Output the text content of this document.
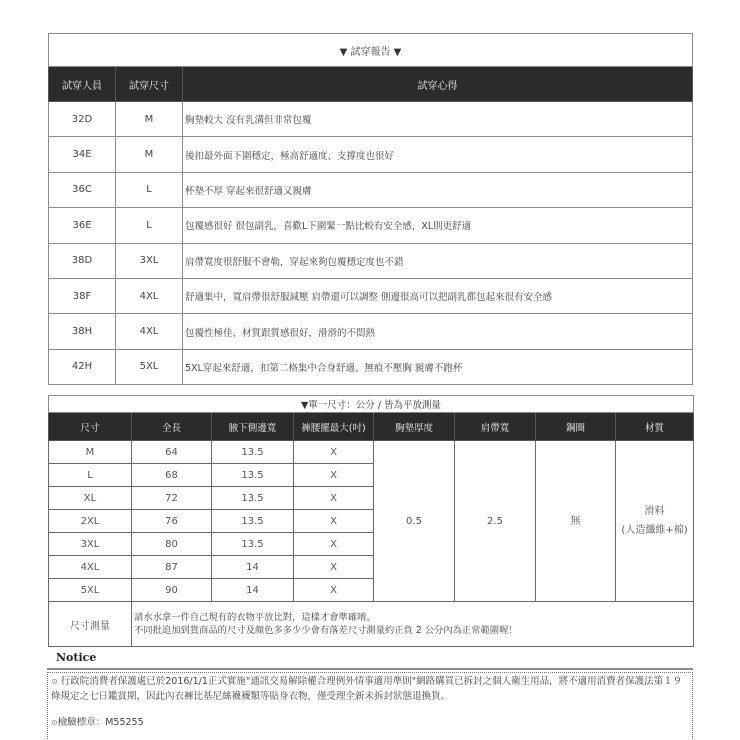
▼ 試穿報告 ▼		
試穿人員	試穿尺寸	試穿心得
32D	M	胸墊較大 沒有乳溝但非常包覆
34E	M	後扣最外面下圍穩定，極高舒適度、支撐度也很好
36C	L	杯墊不厚 穿起來很舒適又親膚
36E	L	包覆感很好 很包副乳，喜歡L下圍緊一點比較有安全感，XL則更舒適
38D	3XL	肩帶寬度很舒服不會勒，穿起來夠包覆穩定度也不錯
38F	4XL	舒適集中，寬肩帶很舒服減壓 肩帶還可以調整 側邊很高可以把副乳都包起來很有安全感
38H	4XL	包覆性極佳、材質跟質感很好，滑滑的不悶熱
42H	5XL	5XL穿起來舒適，扣第二格集中合身舒適、無痕不壓胸 親膚不跑杯
▼單一尺寸：公分 / 皆為平放測量							
尺寸	全長	腋下側邊寬	褲腰擺最大(吋)	胸墊厚度	肩帶寬	鋼圈	材質
M	64	13.5	X	0.5	2.5	無	滑料
(人造纖維+棉)

L	68	13.5	X				
XL	72	13.5	X				
2XL	76	13.5	X				
3XL	80	13.5	X				
4XL	87	14	X				
5XL	90	14	X				
尺寸測量	請水水拿一件自己現有的衣物平放比對，這樣才會準確唷。
不同批追加到貨商品的尺寸及顏色多多少少會有落差尺寸測量約正負 2 公分內為正常範圍喔！						
Notice

⊙ 行政院消費者保護處已於2016/1/1正式實施"通訊交易解除權合理例外情事適用準則"網路購買已拆封之個人衛生用品，將不適用消費者保護法第１９條規定之七日鑑賞期，因此內衣褲比基尼絲襪襪類等貼身衣物，僅受理全新未拆封狀態退換貨。

⊙檢驗標章：M55255
